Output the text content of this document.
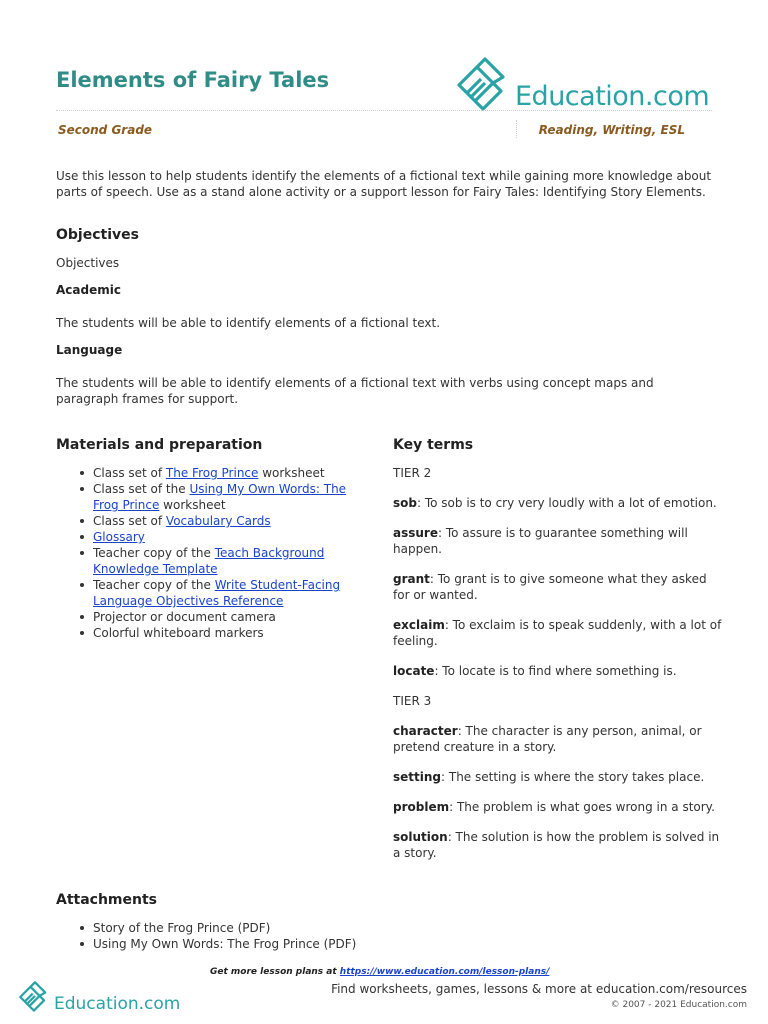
Elements of Fairy Tales
Education.com
Second Grade	Reading, Writing, ESL
Use this lesson to help students identify the elements of a fictional text while gaining more knowledge about parts of speech. Use as a stand alone activity or a support lesson for Fairy Tales: Identifying Story Elements.
Objectives
Objectives
Academic
The students will be able to identify elements of a fictional text.
Language
The students will be able to identify elements of a fictional text with verbs using concept maps and paragraph frames for support.
Materials and preparation
Class set of The Frog Prince worksheet
Class set of the Using My Own Words: The Frog Prince worksheet
Class set of Vocabulary Cards
Glossary
Teacher copy of the Teach Background Knowledge Template
Teacher copy of the Write Student-Facing Language Objectives Reference
Projector or document camera
Colorful whiteboard markers
Key terms
TIER 2
sob: To sob is to cry very loudly with a lot of emotion.
assure: To assure is to guarantee something will happen.
grant: To grant is to give someone what they asked for or wanted.
exclaim: To exclaim is to speak suddenly, with a lot of feeling.
locate: To locate is to find where something is.
TIER 3
character: The character is any person, animal, or pretend creature in a story.
setting: The setting is where the story takes place.
problem: The problem is what goes wrong in a story.
solution: The solution is how the problem is solved in a story.
Attachments
Story of the Frog Prince (PDF)
Using My Own Words: The Frog Prince (PDF)
Get more lesson plans at https://www.education.com/lesson-plans/
Education.com
Find worksheets, games, lessons & more at education.com/resources
© 2007 - 2021 Education.com
